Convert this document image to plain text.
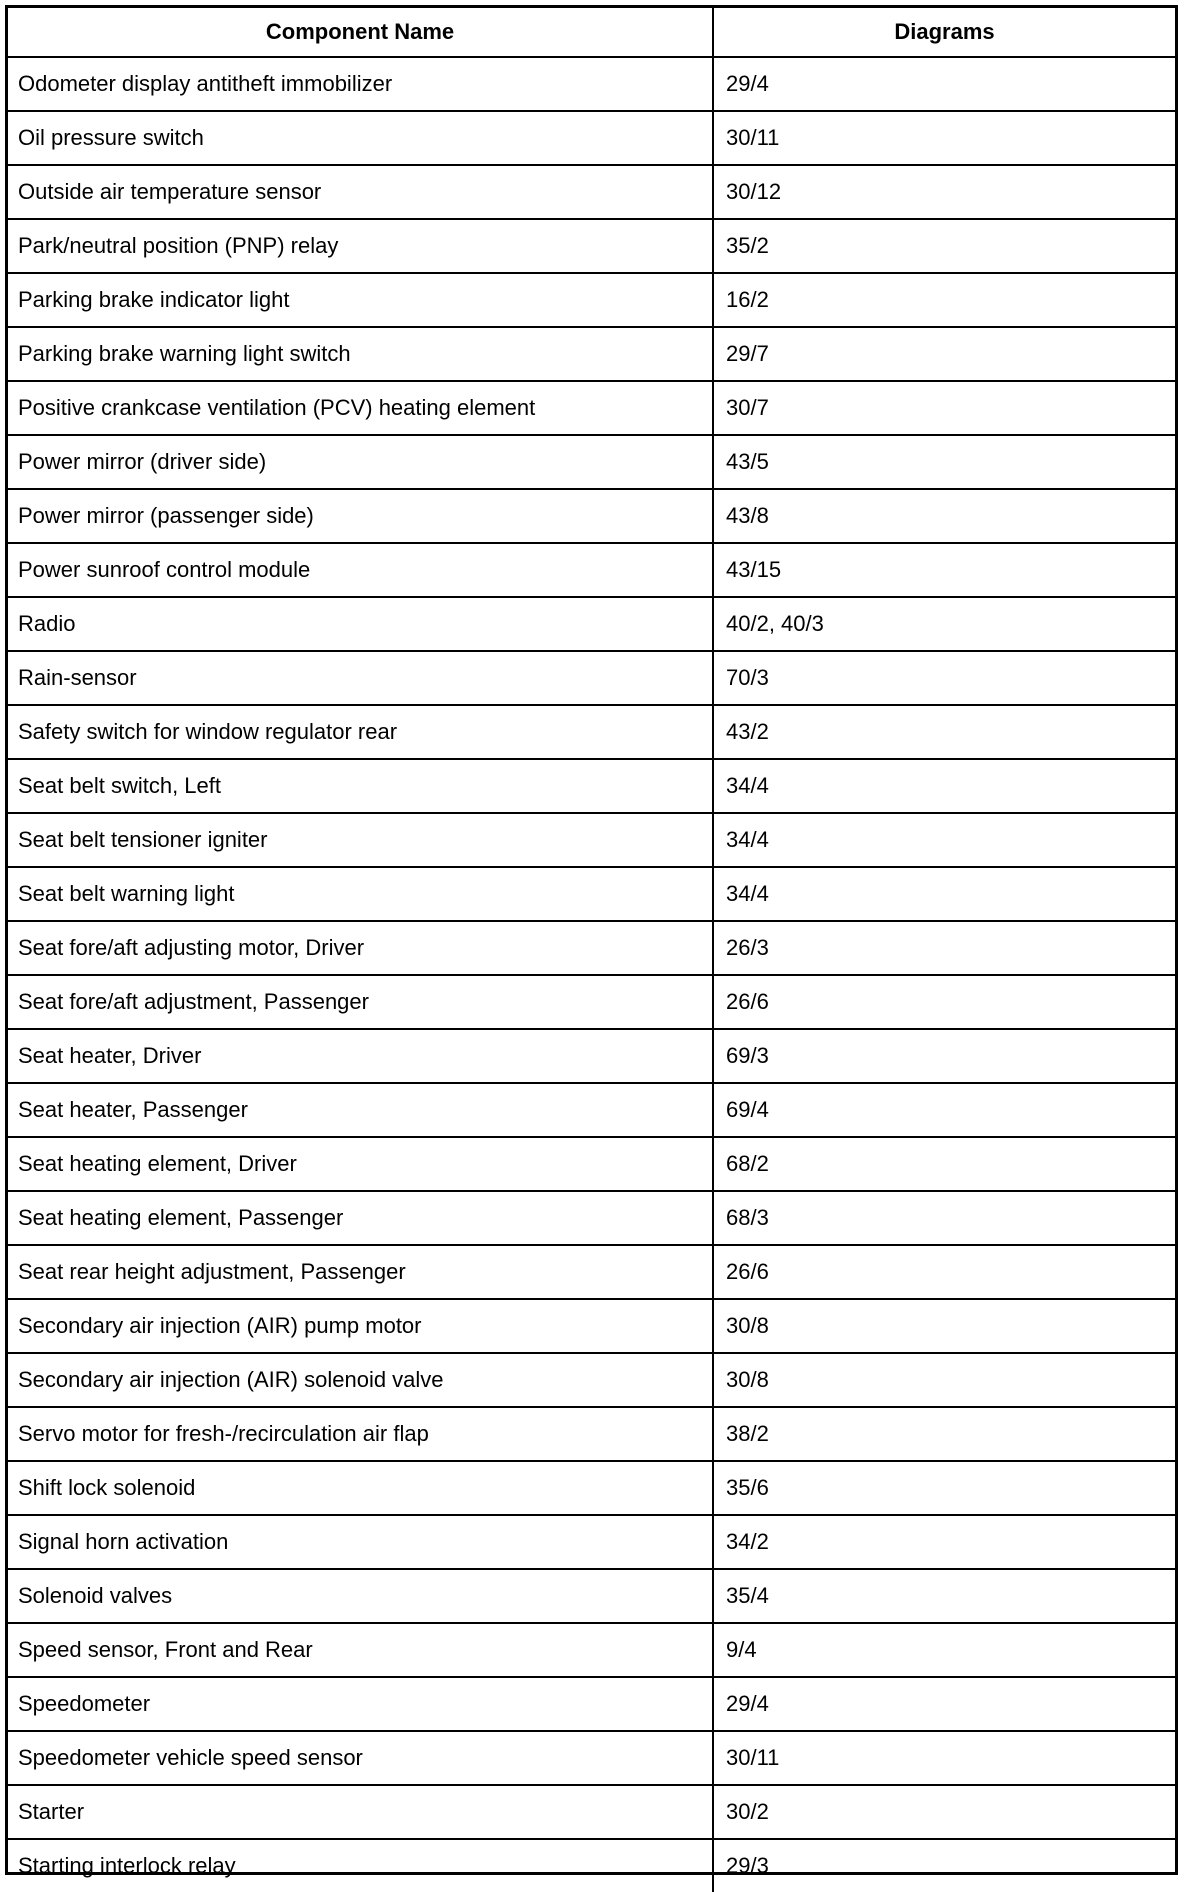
Component Name	Diagrams
Odometer display antitheft immobilizer	29/4
Oil pressure switch	30/11
Outside air temperature sensor	30/12
Park/neutral position (PNP) relay	35/2
Parking brake indicator light	16/2
Parking brake warning light switch	29/7
Positive crankcase ventilation (PCV) heating element	30/7
Power mirror (driver side)	43/5
Power mirror (passenger side)	43/8
Power sunroof control module	43/15
Radio	40/2, 40/3
Rain-sensor	70/3
Safety switch for window regulator rear	43/2
Seat belt switch, Left	34/4
Seat belt tensioner igniter	34/4
Seat belt warning light	34/4
Seat fore/aft adjusting motor, Driver	26/3
Seat fore/aft adjustment, Passenger	26/6
Seat heater, Driver	69/3
Seat heater, Passenger	69/4
Seat heating element, Driver	68/2
Seat heating element, Passenger	68/3
Seat rear height adjustment, Passenger	26/6
Secondary air injection (AIR) pump motor	30/8
Secondary air injection (AIR) solenoid valve	30/8
Servo motor for fresh-/recirculation air flap	38/2
Shift lock solenoid	35/6
Signal horn activation	34/2
Solenoid valves	35/4
Speed sensor, Front and Rear	9/4
Speedometer	29/4
Speedometer vehicle speed sensor	30/11
Starter	30/2
Starting interlock relay	29/3
